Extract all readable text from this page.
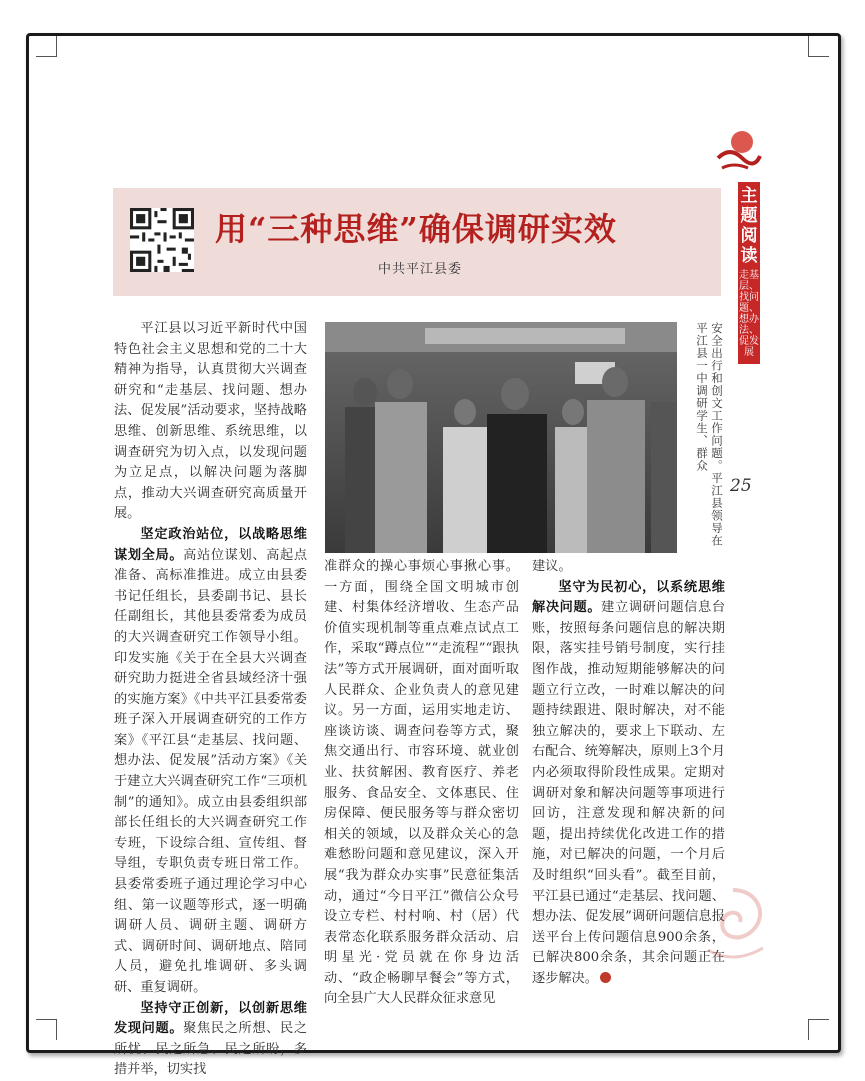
主题阅读
走基层、找问题、想办法、促发展
25
用“三种思维”确保调研实效
中共平江县委
安全出行和创文工作问题。平江县领导在平江县一中调研学生、群众

平江县以习近平新时代中国特色社会主义思想和党的二十大精神为指导，认真贯彻大兴调查研究和“走基层、找问题、想办法、促发展”活动要求，坚持战略思维、创新思维、系统思维，以调查研究为切入点，以发现问题为立足点，以解决问题为落脚点，推动大兴调查研究高质量开展。

坚定政治站位，以战略思维谋划全局。高站位谋划、高起点准备、高标准推进。成立由县委书记任组长，县委副书记、县长任副组长，其他县委常委为成员的大兴调查研究工作领导小组。印发实施《关于在全县大兴调查研究助力挺进全省县域经济十强的实施方案》《中共平江县委常委班子深入开展调查研究的工作方案》《平江县“走基层、找问题、想办法、促发展”活动方案》《关于建立大兴调查研究工作“三项机制”的通知》。成立由县委组织部部长任组长的大兴调查研究工作专班，下设综合组、宣传组、督导组，专职负责专班日常工作。县委常委班子通过理论学习中心组、第一议题等形式，逐一明确调研人员、调研主题、调研方式、调研时间、调研地点、陪同人员，避免扎堆调研、多头调研、重复调研。

坚持守正创新，以创新思维发现问题。聚焦民之所想、民之所忧、民之所急、民之所盼，多措并举，切实找

准群众的操心事烦心事揪心事。一方面，围绕全国文明城市创建、村集体经济增收、生态产品价值实现机制等重点难点试点工作，采取“蹲点位”“走流程”“跟执法”等方式开展调研，面对面听取人民群众、企业负责人的意见建议。另一方面，运用实地走访、座谈访谈、调查问卷等方式，聚焦交通出行、市容环境、就业创业、扶贫解困、教育医疗、养老服务、食品安全、文体惠民、住房保障、便民服务等与群众密切相关的领域，以及群众关心的急难愁盼问题和意见建议，深入开展“我为群众办实事”民意征集活动，通过“今日平江”微信公众号设立专栏、村村响、村（居）代表常态化联系服务群众活动、启明星光·党员就在你身边活动、“政企畅聊早餐会”等方式，向全县广大人民群众征求意见

建议。

坚守为民初心，以系统思维解决问题。建立调研问题信息台账，按照每条问题信息的解决期限，落实挂号销号制度，实行挂图作战，推动短期能够解决的问题立行立改，一时难以解决的问题持续跟进、限时解决，对不能独立解决的，要求上下联动、左右配合、统筹解决，原则上3个月内必须取得阶段性成果。定期对调研对象和解决问题等事项进行回访，注意发现和解决新的问题，提出持续优化改进工作的措施，对已解决的问题，一个月后及时组织“回头看”。截至目前，平江县已通过“走基层、找问题、想办法、促发展”调研问题信息报送平台上传问题信息900余条，已解决800余条，其余问题正在逐步解决。
